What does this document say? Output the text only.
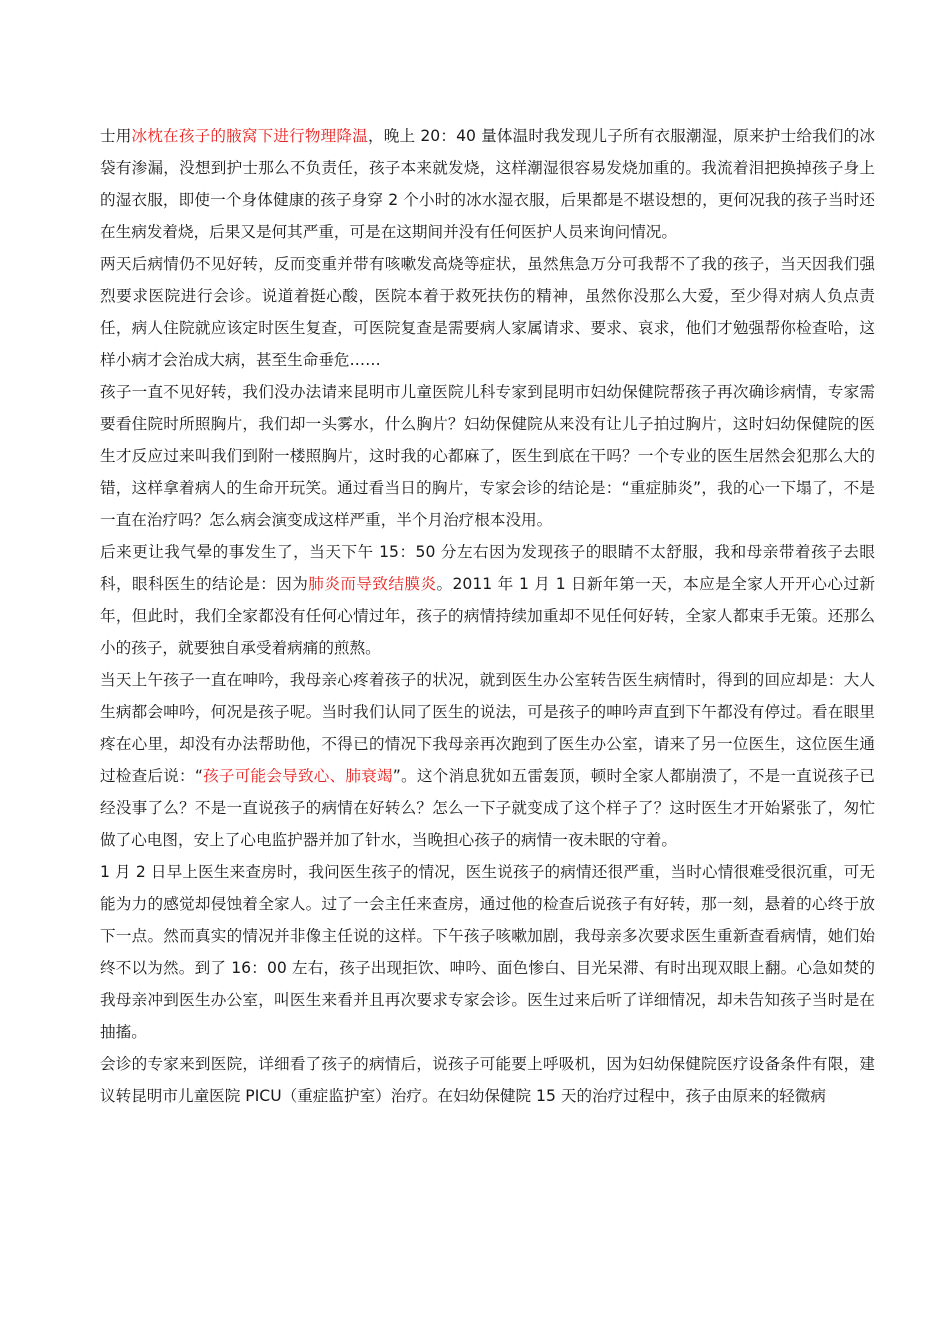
士用冰枕在孩子的腋窝下进行物理降温，晚上 20：40 量体温时我发现儿子所有衣服潮湿，原来护士给我们的冰袋有渗漏，没想到护士那么不负责任，孩子本来就发烧，这样潮湿很容易发烧加重的。我流着泪把换掉孩子身上的湿衣服，即使一个身体健康的孩子身穿 2 个小时的冰水湿衣服，后果都是不堪设想的，更何况我的孩子当时还在生病发着烧，后果又是何其严重，可是在这期间并没有任何医护人员来询问情况。

两天后病情仍不见好转，反而变重并带有咳嗽发高烧等症状，虽然焦急万分可我帮不了我的孩子，当天因我们强烈要求医院进行会诊。说道着挺心酸，医院本着于救死扶伤的精神，虽然你没那么大爱，至少得对病人负点责任，病人住院就应该定时医生复查，可医院复查是需要病人家属请求、要求、哀求，他们才勉强帮你检查哈，这样小病才会治成大病，甚至生命垂危……

孩子一直不见好转，我们没办法请来昆明市儿童医院儿科专家到昆明市妇幼保健院帮孩子再次确诊病情，专家需要看住院时所照胸片，我们却一头雾水，什么胸片？妇幼保健院从来没有让儿子拍过胸片，这时妇幼保健院的医生才反应过来叫我们到附一楼照胸片，这时我的心都麻了，医生到底在干吗？一个专业的医生居然会犯那么大的错，这样拿着病人的生命开玩笑。通过看当日的胸片，专家会诊的结论是：“重症肺炎”，我的心一下塌了，不是一直在治疗吗？怎么病会演变成这样严重，半个月治疗根本没用。

后来更让我气晕的事发生了，当天下午 15：50 分左右因为发现孩子的眼睛不太舒服，我和母亲带着孩子去眼科，眼科医生的结论是：因为肺炎而导致结膜炎。2011 年 1 月 1 日新年第一天，本应是全家人开开心心过新年，但此时，我们全家都没有任何心情过年，孩子的病情持续加重却不见任何好转，全家人都束手无策。还那么小的孩子，就要独自承受着病痛的煎熬。

当天上午孩子一直在呻吟，我母亲心疼着孩子的状况，就到医生办公室转告医生病情时，得到的回应却是：大人生病都会呻吟，何况是孩子呢。当时我们认同了医生的说法，可是孩子的呻吟声直到下午都没有停过。看在眼里疼在心里，却没有办法帮助他，不得已的情况下我母亲再次跑到了医生办公室，请来了另一位医生，这位医生通过检查后说：“孩子可能会导致心、肺衰竭”。这个消息犹如五雷轰顶，顿时全家人都崩溃了，不是一直说孩子已经没事了么？不是一直说孩子的病情在好转么？怎么一下子就变成了这个样子了？这时医生才开始紧张了，匆忙做了心电图，安上了心电监护器并加了针水，当晚担心孩子的病情一夜未眠的守着。

1 月 2 日早上医生来查房时，我问医生孩子的情况，医生说孩子的病情还很严重，当时心情很难受很沉重，可无能为力的感觉却侵蚀着全家人。过了一会主任来查房，通过他的检查后说孩子有好转，那一刻，悬着的心终于放下一点。然而真实的情况并非像主任说的这样。下午孩子咳嗽加剧，我母亲多次要求医生重新查看病情，她们始终不以为然。到了 16：00 左右，孩子出现拒饮、呻吟、面色惨白、目光呆滞、有时出现双眼上翻。心急如焚的我母亲冲到医生办公室，叫医生来看并且再次要求专家会诊。医生过来后听了详细情况，却未告知孩子当时是在抽搐。

会诊的专家来到医院，详细看了孩子的病情后，说孩子可能要上呼吸机，因为妇幼保健院医疗设备条件有限，建议转昆明市儿童医院 PICU（重症监护室）治疗。在妇幼保健院 15 天的治疗过程中，孩子由原来的轻微病
